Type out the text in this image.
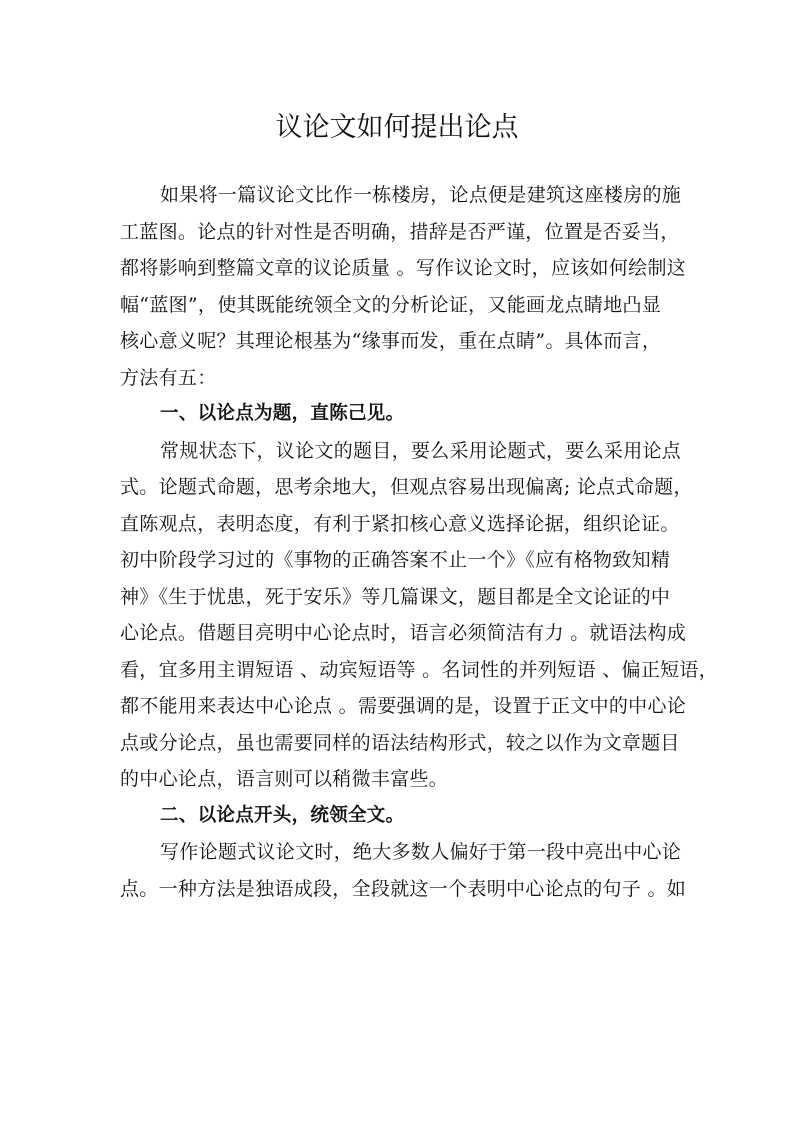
议论文如何提出论点
如果将一篇议论文比作一栋楼房，论点便是建筑这座楼房的施
工蓝图。论点的针对性是否明确，措辞是否严谨，位置是否妥当，
都将影响到整篇文章的议论质量 。写作议论文时，应该如何绘制这
幅“蓝图”，使其既能统领全文的分析论证，又能画龙点睛地凸显
核心意义呢？其理论根基为“缘事而发，重在点睛”。具体而言，
方法有五：
一、以论点为题，直陈己见。
常规状态下，议论文的题目，要么采用论题式，要么采用论点
式。论题式命题，思考余地大，但观点容易出现偏离; 论点式命题，
直陈观点，表明态度，有利于紧扣核心意义选择论据，组织论证。
初中阶段学习过的《事物的正确答案不止一个》《应有格物致知精
神》《生于忧患，死于安乐》等几篇课文，题目都是全文论证的中
心论点。借题目亮明中心论点时，语言必须简洁有力 。就语法构成
看，宜多用主谓短语 、动宾短语等 。名词性的并列短语 、偏正短语，
都不能用来表达中心论点 。需要强调的是，设置于正文中的中心论
点或分论点，虽也需要同样的语法结构形式，较之以作为文章题目
的中心论点，语言则可以稍微丰富些。
二、以论点开头，统领全文。
写作论题式议论文时，绝大多数人偏好于第一段中亮出中心论
点。一种方法是独语成段，全段就这一个表明中心论点的句子 。如
